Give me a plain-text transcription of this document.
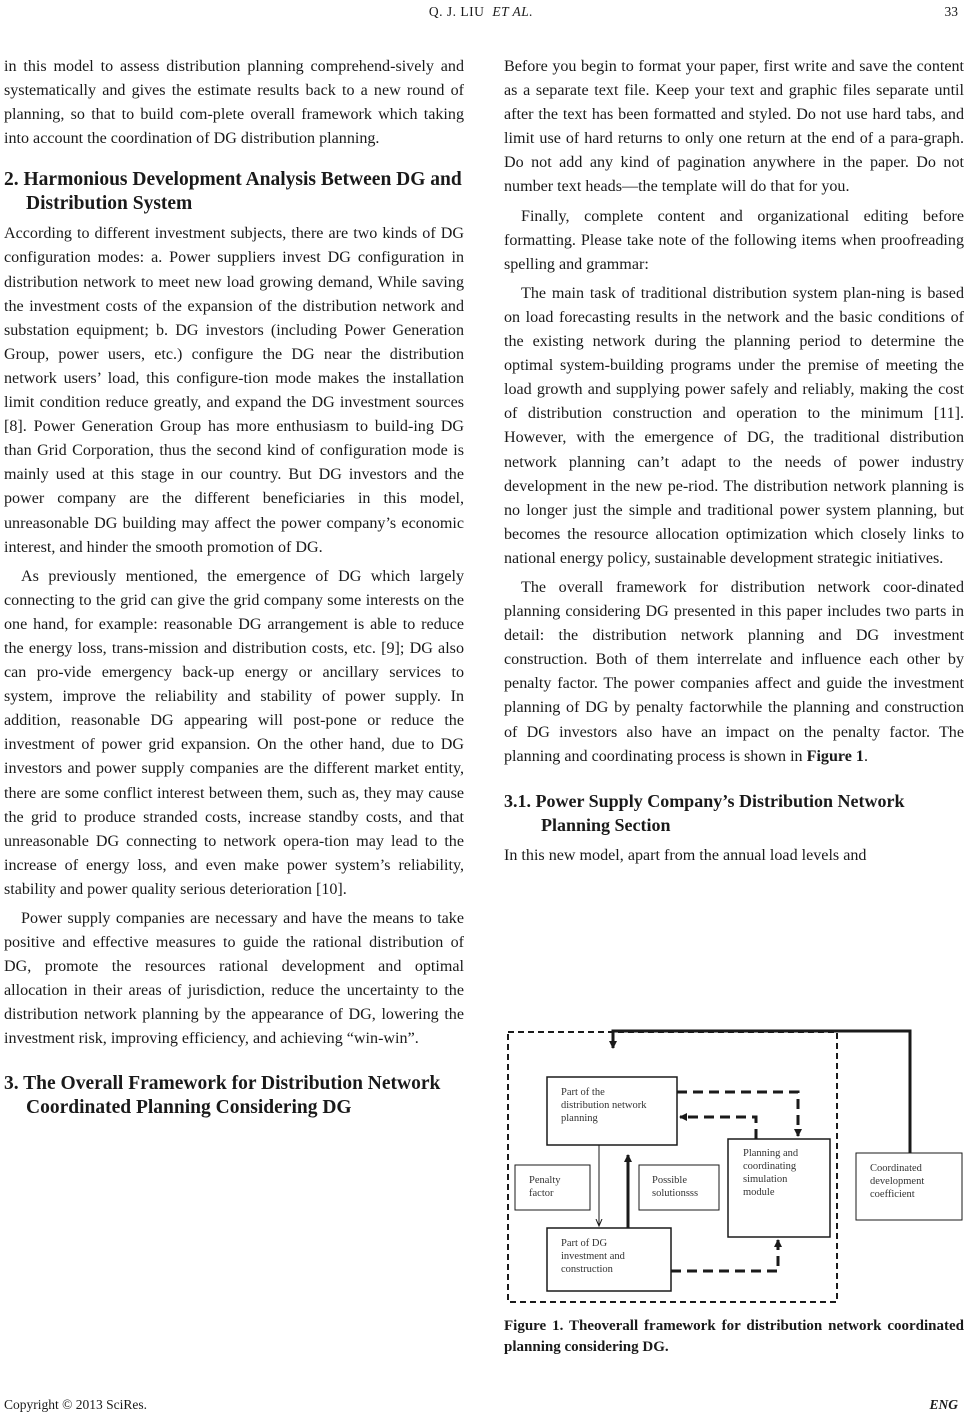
Q. J. LIU ET AL.	33

in this model to assess distribution planning comprehend-sively and systematically and gives the estimate results back to a new round of planning, so that to build com-plete overall framework which taking into account the coordination of DG distribution planning.

2. Harmonious Development Analysis Between DG and Distribution System

According to different investment subjects, there are two kinds of DG configuration modes: a. Power suppliers invest DG configuration in distribution network to meet new load growing demand, While saving the investment costs of the expansion of the distribution network and substation equipment; b. DG investors (including Power Generation Group, power users, etc.) configure the DG near the distribution network users’ load, this configure-tion mode makes the installation limit condition reduce greatly, and expand the DG investment sources [8]. Power Generation Group has more enthusiasm to build-ing DG than Grid Corporation, thus the second kind of configuration mode is mainly used at this stage in our country. But DG investors and the power company are the different beneficiaries in this model, unreasonable DG building may affect the power company’s economic interest, and hinder the smooth promotion of DG.

As previously mentioned, the emergence of DG which largely connecting to the grid can give the grid company some interests on the one hand, for example: reasonable DG arrangement is able to reduce the energy loss, trans-mission and distribution costs, etc. [9]; DG also can pro-vide emergency back-up energy or ancillary services to system, improve the reliability and stability of power supply. In addition, reasonable DG appearing will post-pone or reduce the investment of power grid expansion. On the other hand, due to DG investors and power supply companies are the different market entity, there are some conflict interest between them, such as, they may cause the grid to produce stranded costs, increase standby costs, and that unreasonable DG connecting to network opera-tion may lead to the increase of energy loss, and even make power system’s reliability, stability and power quality serious deterioration [10].

Power supply companies are necessary and have the means to take positive and effective measures to guide the rational distribution of DG, promote the resources rational development and optimal allocation in their areas of jurisdiction, reduce the uncertainty to the distribution network planning by the appearance of DG, lowering the investment risk, improving efficiency, and achieving “win-win”.

3. The Overall Framework for Distribution Network Coordinated Planning Considering DG

Before you begin to format your paper, first write and save the content as a separate text file. Keep your text and graphic files separate until after the text has been formatted and styled. Do not use hard tabs, and limit use of hard returns to only one return at the end of a para-graph. Do not add any kind of pagination anywhere in the paper. Do not number text heads—the template will do that for you.

Finally, complete content and organizational editing before formatting. Please take note of the following items when proofreading spelling and grammar:

The main task of traditional distribution system plan-ning is based on load forecasting results in the network and the basic conditions of the existing network during the planning period to determine the optimal system-building programs under the premise of meeting the load growth and supplying power safely and reliably, making the cost of distribution construction and operation to the minimum [11]. However, with the emergence of DG, the traditional distribution network planning can’t adapt to the needs of power industry development in the new pe-riod. The distribution network planning is no longer just the simple and traditional power system planning, but becomes the resource allocation optimization which closely links to national energy policy, sustainable development strategic initiatives.

The overall framework for distribution network coor-dinated planning considering DG presented in this paper includes two parts in detail: the distribution network planning and DG investment construction. Both of them interrelate and influence each other by penalty factor. The power companies affect and guide the investment planning of DG by penalty factorwhile the planning and construction of DG investors also have an impact on the penalty factor. The planning and coordinating process is shown in Figure 1.

3.1. Power Supply Company’s Distribution Network Planning Section

In this new model, apart from the annual load levels and

Part of the distribution network planning
Penalty factor
Possible solutionsss
Planning and coordinating simulation module
Coordinated development coefficient
Part of DG investment and construction
Figure 1. Theoverall framework for distribution network coordinated planning considering DG.
Copyright © 2013 SciRes.	ENG
